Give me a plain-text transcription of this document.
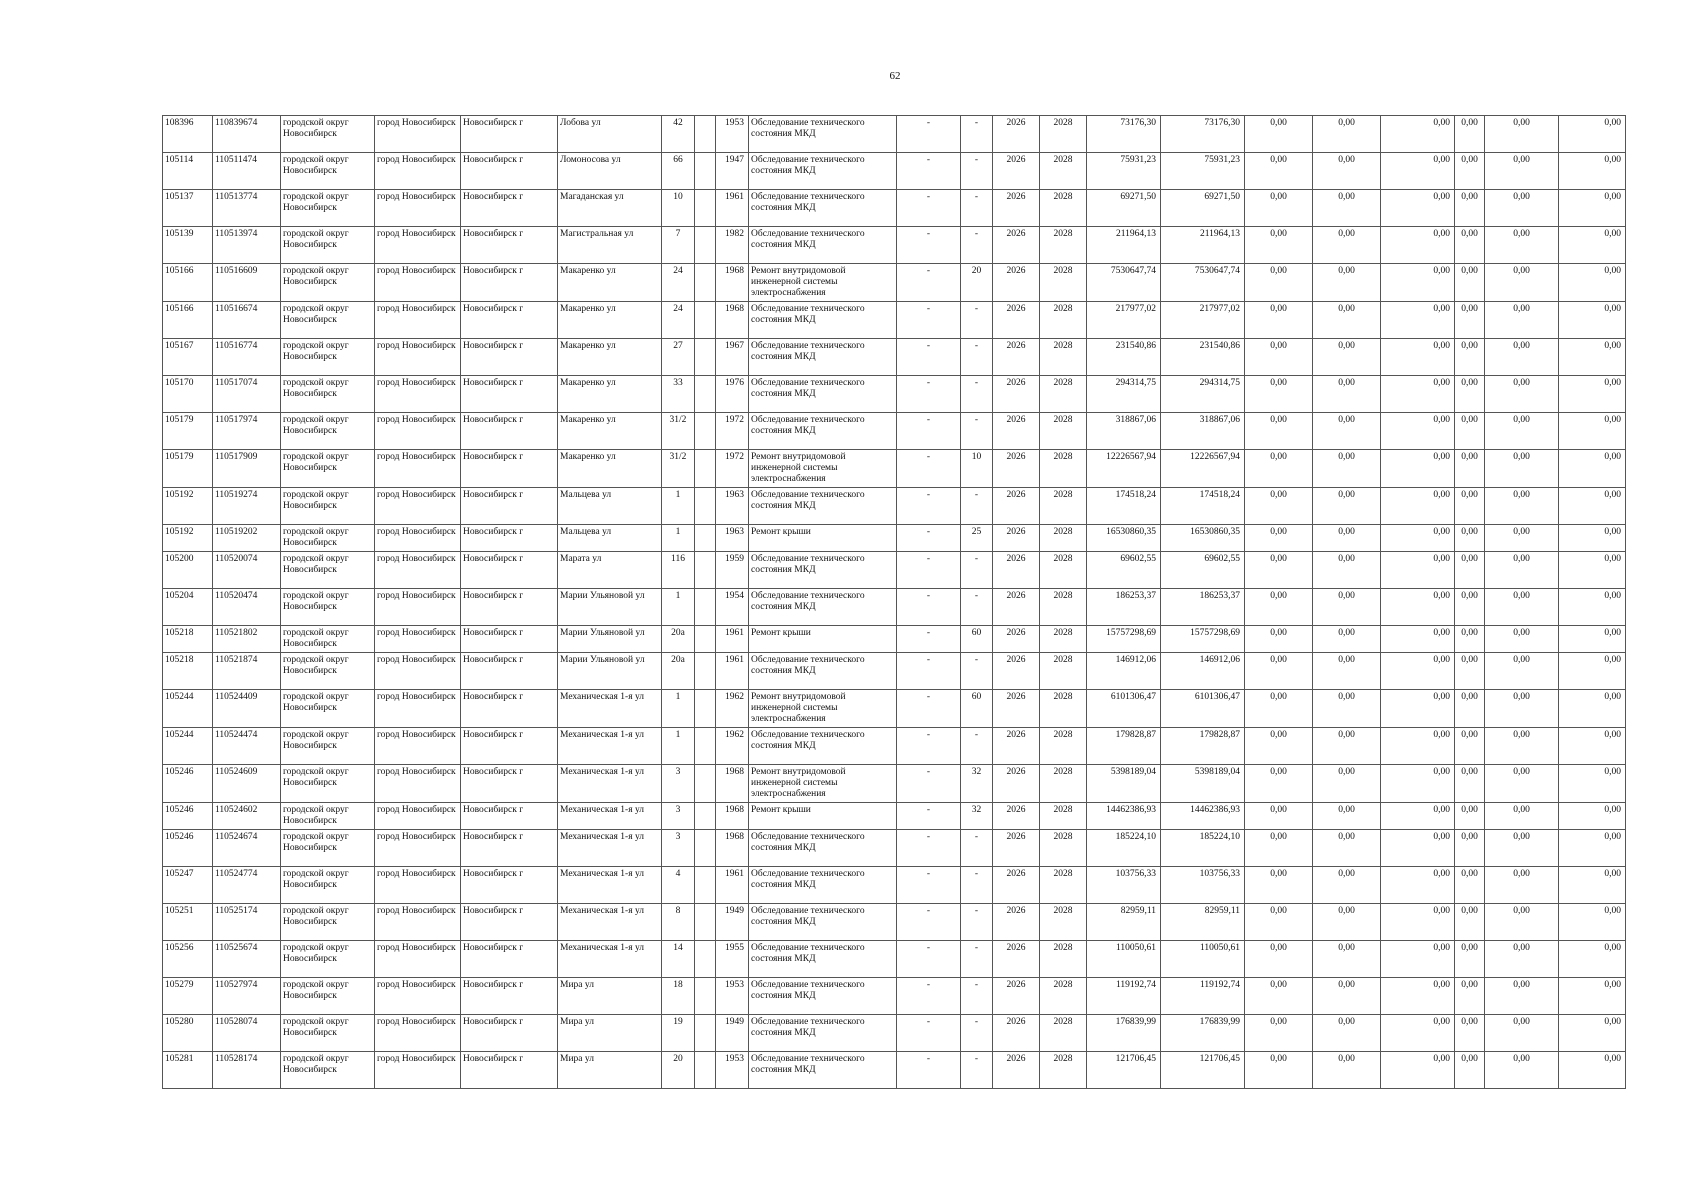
62
108396	110839674	городской округ Новосибирск	город Новосибирск	Новосибирск г	Лобова ул	42		1953	Обследование технического состояния МКД	-	-	2026	2028	73176,30	73176,30	0,00	0,00	0,00	0,00	0,00	0,00
105114	110511474	городской округ Новосибирск	город Новосибирск	Новосибирск г	Ломоносова ул	66		1947	Обследование технического состояния МКД	-	-	2026	2028	75931,23	75931,23	0,00	0,00	0,00	0,00	0,00	0,00
105137	110513774	городской округ Новосибирск	город Новосибирск	Новосибирск г	Магаданская ул	10		1961	Обследование технического состояния МКД	-	-	2026	2028	69271,50	69271,50	0,00	0,00	0,00	0,00	0,00	0,00
105139	110513974	городской округ Новосибирск	город Новосибирск	Новосибирск г	Магистральная ул	7		1982	Обследование технического состояния МКД	-	-	2026	2028	211964,13	211964,13	0,00	0,00	0,00	0,00	0,00	0,00
105166	110516609	городской округ Новосибирск	город Новосибирск	Новосибирск г	Макаренко ул	24		1968	Ремонт внутридомовой инженерной системы электроснабжения	-	20	2026	2028	7530647,74	7530647,74	0,00	0,00	0,00	0,00	0,00	0,00
105166	110516674	городской округ Новосибирск	город Новосибирск	Новосибирск г	Макаренко ул	24		1968	Обследование технического состояния МКД	-	-	2026	2028	217977,02	217977,02	0,00	0,00	0,00	0,00	0,00	0,00
105167	110516774	городской округ Новосибирск	город Новосибирск	Новосибирск г	Макаренко ул	27		1967	Обследование технического состояния МКД	-	-	2026	2028	231540,86	231540,86	0,00	0,00	0,00	0,00	0,00	0,00
105170	110517074	городской округ Новосибирск	город Новосибирск	Новосибирск г	Макаренко ул	33		1976	Обследование технического состояния МКД	-	-	2026	2028	294314,75	294314,75	0,00	0,00	0,00	0,00	0,00	0,00
105179	110517974	городской округ Новосибирск	город Новосибирск	Новосибирск г	Макаренко ул	31/2		1972	Обследование технического состояния МКД	-	-	2026	2028	318867,06	318867,06	0,00	0,00	0,00	0,00	0,00	0,00
105179	110517909	городской округ Новосибирск	город Новосибирск	Новосибирск г	Макаренко ул	31/2		1972	Ремонт внутридомовой инженерной системы электроснабжения	-	10	2026	2028	12226567,94	12226567,94	0,00	0,00	0,00	0,00	0,00	0,00
105192	110519274	городской округ Новосибирск	город Новосибирск	Новосибирск г	Мальцева ул	1		1963	Обследование технического состояния МКД	-	-	2026	2028	174518,24	174518,24	0,00	0,00	0,00	0,00	0,00	0,00
105192	110519202	городской округ Новосибирск	город Новосибирск	Новосибирск г	Мальцева ул	1		1963	Ремонт крыши	-	25	2026	2028	16530860,35	16530860,35	0,00	0,00	0,00	0,00	0,00	0,00
105200	110520074	городской округ Новосибирск	город Новосибирск	Новосибирск г	Марата ул	116		1959	Обследование технического состояния МКД	-	-	2026	2028	69602,55	69602,55	0,00	0,00	0,00	0,00	0,00	0,00
105204	110520474	городской округ Новосибирск	город Новосибирск	Новосибирск г	Марии Ульяновой ул	1		1954	Обследование технического состояния МКД	-	-	2026	2028	186253,37	186253,37	0,00	0,00	0,00	0,00	0,00	0,00
105218	110521802	городской округ Новосибирск	город Новосибирск	Новосибирск г	Марии Ульяновой ул	20а		1961	Ремонт крыши	-	60	2026	2028	15757298,69	15757298,69	0,00	0,00	0,00	0,00	0,00	0,00
105218	110521874	городской округ Новосибирск	город Новосибирск	Новосибирск г	Марии Ульяновой ул	20а		1961	Обследование технического состояния МКД	-	-	2026	2028	146912,06	146912,06	0,00	0,00	0,00	0,00	0,00	0,00
105244	110524409	городской округ Новосибирск	город Новосибирск	Новосибирск г	Механическая 1-я ул	1		1962	Ремонт внутридомовой инженерной системы электроснабжения	-	60	2026	2028	6101306,47	6101306,47	0,00	0,00	0,00	0,00	0,00	0,00
105244	110524474	городской округ Новосибирск	город Новосибирск	Новосибирск г	Механическая 1-я ул	1		1962	Обследование технического состояния МКД	-	-	2026	2028	179828,87	179828,87	0,00	0,00	0,00	0,00	0,00	0,00
105246	110524609	городской округ Новосибирск	город Новосибирск	Новосибирск г	Механическая 1-я ул	3		1968	Ремонт внутридомовой инженерной системы электроснабжения	-	32	2026	2028	5398189,04	5398189,04	0,00	0,00	0,00	0,00	0,00	0,00
105246	110524602	городской округ Новосибирск	город Новосибирск	Новосибирск г	Механическая 1-я ул	3		1968	Ремонт крыши	-	32	2026	2028	14462386,93	14462386,93	0,00	0,00	0,00	0,00	0,00	0,00
105246	110524674	городской округ Новосибирск	город Новосибирск	Новосибирск г	Механическая 1-я ул	3		1968	Обследование технического состояния МКД	-	-	2026	2028	185224,10	185224,10	0,00	0,00	0,00	0,00	0,00	0,00
105247	110524774	городской округ Новосибирск	город Новосибирск	Новосибирск г	Механическая 1-я ул	4		1961	Обследование технического состояния МКД	-	-	2026	2028	103756,33	103756,33	0,00	0,00	0,00	0,00	0,00	0,00
105251	110525174	городской округ Новосибирск	город Новосибирск	Новосибирск г	Механическая 1-я ул	8		1949	Обследование технического состояния МКД	-	-	2026	2028	82959,11	82959,11	0,00	0,00	0,00	0,00	0,00	0,00
105256	110525674	городской округ Новосибирск	город Новосибирск	Новосибирск г	Механическая 1-я ул	14		1955	Обследование технического состояния МКД	-	-	2026	2028	110050,61	110050,61	0,00	0,00	0,00	0,00	0,00	0,00
105279	110527974	городской округ Новосибирск	город Новосибирск	Новосибирск г	Мира ул	18		1953	Обследование технического состояния МКД	-	-	2026	2028	119192,74	119192,74	0,00	0,00	0,00	0,00	0,00	0,00
105280	110528074	городской округ Новосибирск	город Новосибирск	Новосибирск г	Мира ул	19		1949	Обследование технического состояния МКД	-	-	2026	2028	176839,99	176839,99	0,00	0,00	0,00	0,00	0,00	0,00
105281	110528174	городской округ Новосибирск	город Новосибирск	Новосибирск г	Мира ул	20		1953	Обследование технического состояния МКД	-	-	2026	2028	121706,45	121706,45	0,00	0,00	0,00	0,00	0,00	0,00
